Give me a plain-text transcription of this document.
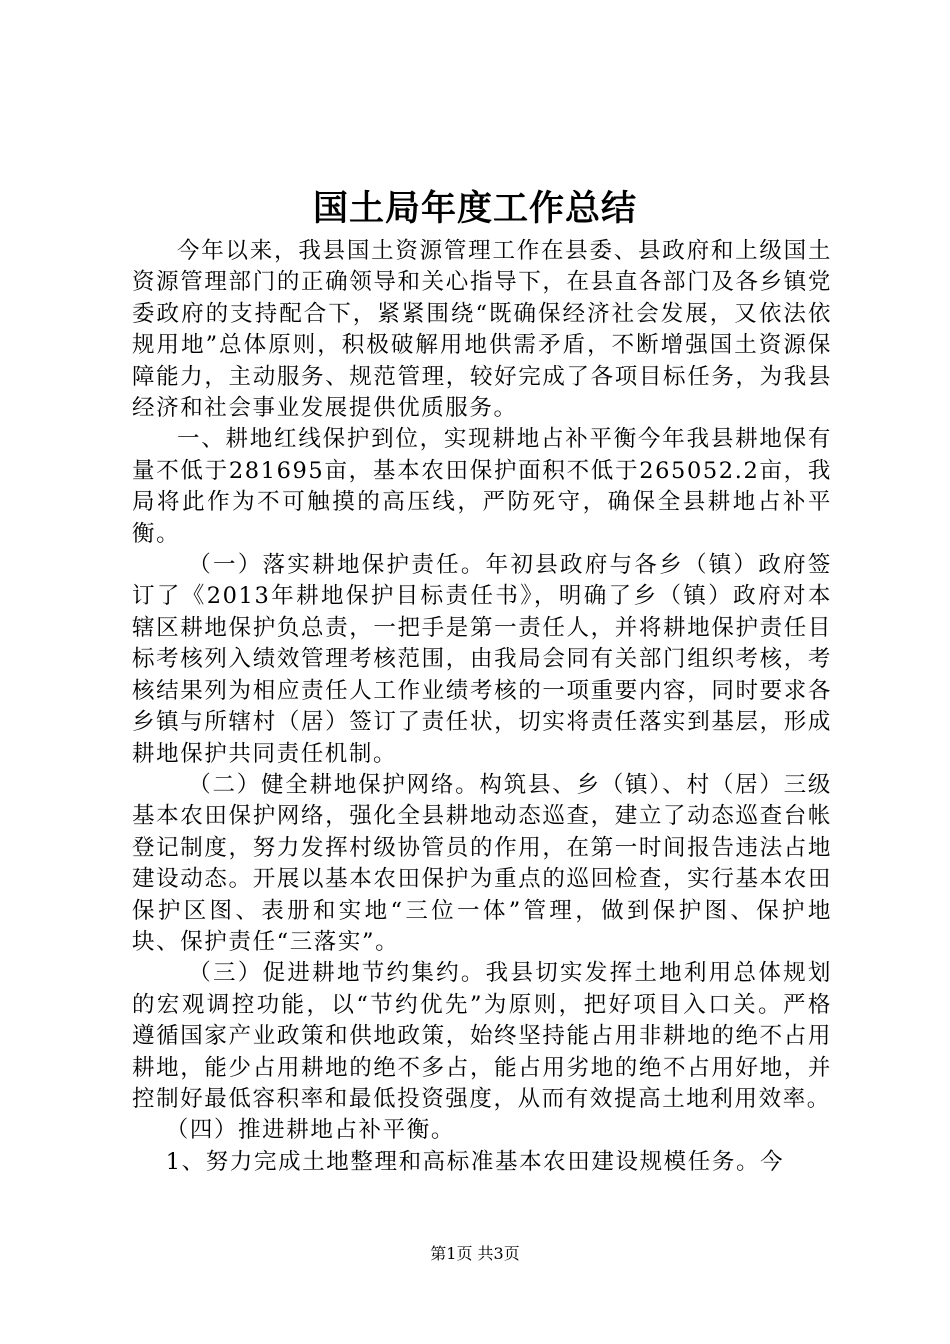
国土局年度工作总结

今年以来，我县国土资源管理工作在县委、县政府和上级国土资源管理部门的正确领导和关心指导下，在县直各部门及各乡镇党委政府的支持配合下，紧紧围绕“既确保经济社会发展，又依法依规用地”总体原则，积极破解用地供需矛盾，不断增强国土资源保障能力，主动服务、规范管理，较好完成了各项目标任务，为我县经济和社会事业发展提供优质服务。

一、耕地红线保护到位，实现耕地占补平衡今年我县耕地保有量不低于281695亩，基本农田保护面积不低于265052.2亩，我局将此作为不可触摸的高压线，严防死守，确保全县耕地占补平衡。

（一）落实耕地保护责任。年初县政府与各乡（镇）政府签订了《2013年耕地保护目标责任书》，明确了乡（镇）政府对本辖区耕地保护负总责，一把手是第一责任人，并将耕地保护责任目标考核列入绩效管理考核范围，由我局会同有关部门组织考核，考核结果列为相应责任人工作业绩考核的一项重要内容，同时要求各乡镇与所辖村（居）签订了责任状，切实将责任落实到基层，形成耕地保护共同责任机制。

（二）健全耕地保护网络。构筑县、乡（镇）、村（居）三级基本农田保护网络，强化全县耕地动态巡查，建立了动态巡查台帐登记制度，努力发挥村级协管员的作用，在第一时间报告违法占地建设动态。开展以基本农田保护为重点的巡回检查，实行基本农田保护区图、表册和实地“三位一体”管理，做到保护图、保护地块、保护责任“三落实”。

（三）促进耕地节约集约。我县切实发挥土地利用总体规划的宏观调控功能，以“节约优先”为原则，把好项目入口关。严格遵循国家产业政策和供地政策，始终坚持能占用非耕地的绝不占用耕地，能少占用耕地的绝不多占，能占用劣地的绝不占用好地，并控制好最低容积率和最低投资强度，从而有效提高土地利用效率。

（四）推进耕地占补平衡。

1、努力完成土地整理和高标准基本农田建设规模任务。今

第1页 共3页
